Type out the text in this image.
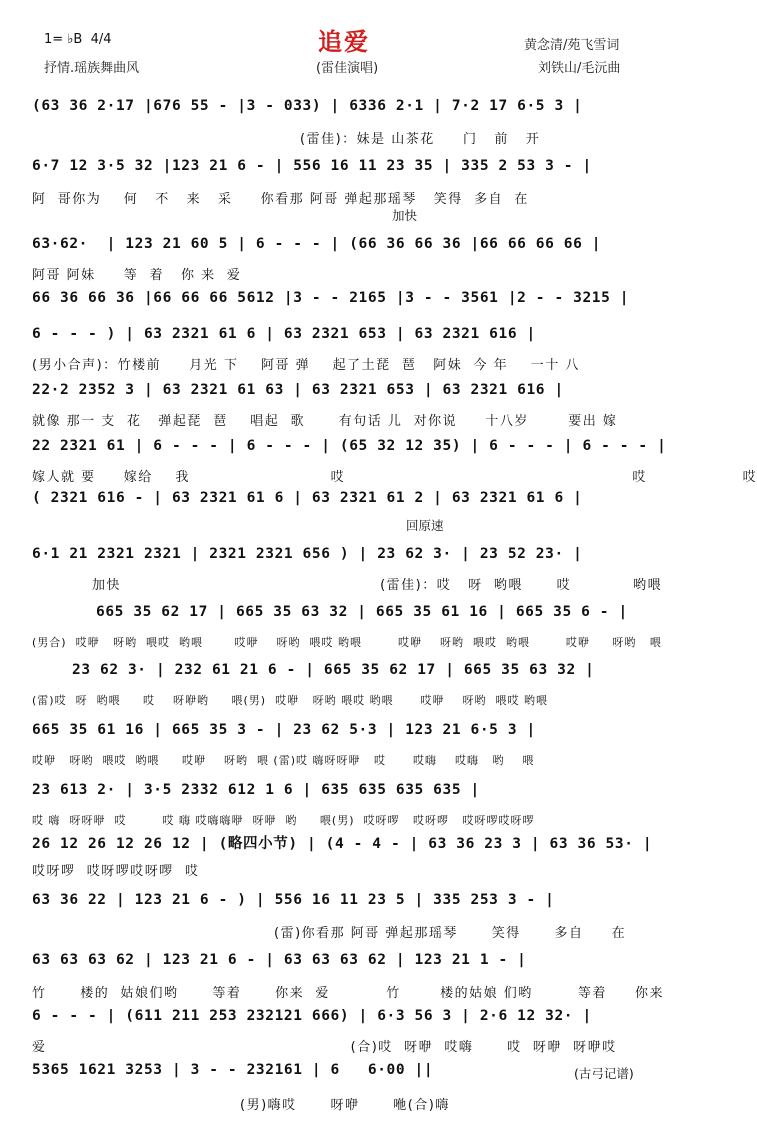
1= ♭B  4/4
抒情.瑶族舞曲风
追爱
(雷佳演唱)
黄念清/苑飞雪词
刘铁山/毛沅曲
(63 36 2·17 |676 55 - |3 - 033) | 6336 2·1 | 7·2 17 6·5 3 |
(雷佳)：妹是 山茶花     门   前   开
6·7 12 3·5 32 |123 21 6 - | 556 16 11 23 35 | 335 2 53 3 - |
阿  哥你为    何   不   来   采     你看那 阿哥 弹起那瑶琴   笑得  多自  在
加快
63·62·  | 123 21 60 5 | 6 - - - | (66 36 66 36 |66 66 66 66 |
阿哥 阿妹     等  着   你 来  爱
66 36 66 36 |66 66 66 5612 |3 - - 2165 |3 - - 3561 |2 - - 3215 |
6 - - - ) | 63 2321 61 6 | 63 2321 653 | 63 2321 616 |
(男小合声)：竹楼前     月光 下    阿哥 弹    起了土琵  琶   阿妹  今 年    一十 八
22·2 2352 3 | 63 2321 61 63 | 63 2321 653 | 63 2321 616 |
就像 那一 支  花   弹起琵  琶    唱起  歌      有句话 儿  对你说     十八岁       要出 嫁
22 2321 61 | 6 - - - | 6 - - - | (65 32 12 35) | 6 - - - | 6 - - - |
嫁人就 要     嫁给    我                         哎                                                   哎                 哎
( 2321 616 - | 63 2321 61 6 | 63 2321 61 2 | 63 2321 61 6 |
回原速
6·1 21 2321 2321 | 2321 2321 656 ) | 23 62 3· | 23 52 23· |
加快                                              (雷佳)：哎   呀  哟喂      哎           哟喂
665 35 62 17 | 665 35 63 32 | 665 35 61 16 | 665 35 6 - |
(男合)  哎咿   呀哟  喂哎  哟喂       哎咿    呀哟  喂哎 哟喂        哎咿    呀哟  喂哎  哟喂        哎咿     呀哟   喂
23 62 3· | 232 61 21 6 - | 665 35 62 17 | 665 35 63 32 |
(雷)哎  呀  哟喂     哎    呀咿哟     喂(男)  哎咿   呀哟 喂哎 哟喂      哎咿    呀哟  喂哎 哟喂
665 35 61 16 | 665 35 3 - | 23 62 5·3 | 123 21 6·5 3 |
哎咿   呀哟  喂哎  哟喂     哎咿    呀哟  喂 (雷)哎 嗨呀呀咿   哎      哎嗨    哎嗨   哟    喂
23 613 2· | 3·5 2332 612 1 6 | 635 635 635 635 |
哎 嗨  呀呀咿  哎        哎 嗨 哎嗨嗨咿  呀咿  哟     喂(男)  哎呀啰   哎呀啰   哎呀啰哎呀啰
26 12 26 12 26 12 | (略四小节) | (4 - 4 - | 63 36 23 3 | 63 36 53· |
哎呀啰  哎呀啰哎呀啰  哎
63 36 22 | 123 21 6 - ) | 556 16 11 23 5 | 335 253 3 - |
(雷)你看那 阿哥 弹起那瑶琴      笑得      多自     在
63 63 63 62 | 123 21 6 - | 63 63 63 62 | 123 21 1 - |
竹      楼的  姑娘们哟      等着      你来  爱          竹       楼的姑娘 们哟        等着     你来
6 - - - | (611 211 253 232121 666) | 6·3 56 3 | 2·6 12 32· |
爱                                                      (合)哎  呀咿  哎嗨      哎  呀咿  呀咿哎
5365 1621 3253 | 3 - - 232161 | 6   6·00 ||
(男)嗨哎      呀咿      咃(合)嗨
(古弓记谱)
